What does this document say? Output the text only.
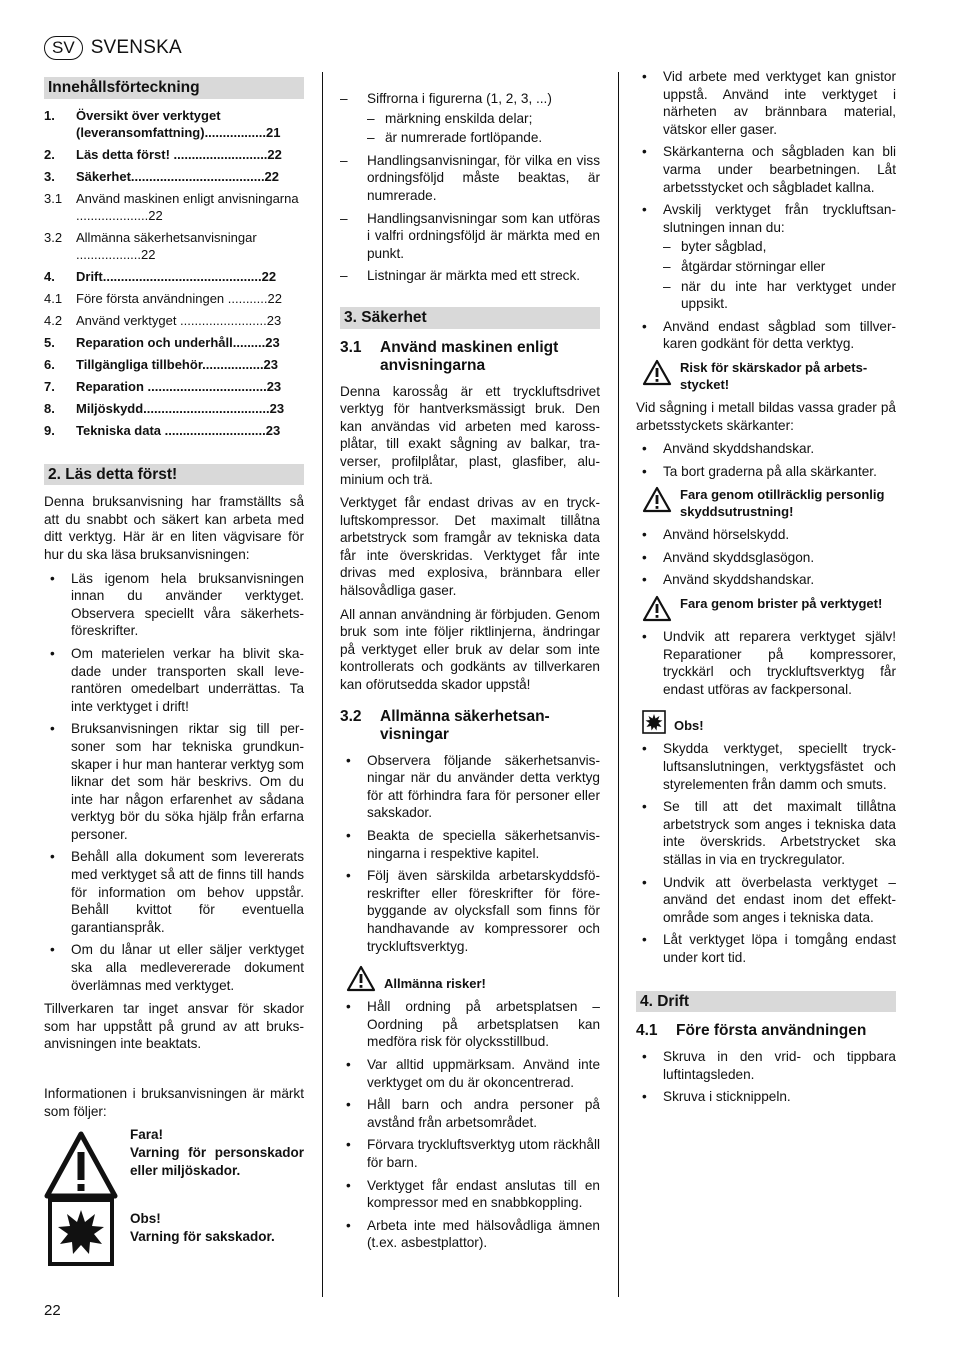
SV SVENSKA
Innehållsförteckning
1.	Översikt över verktyget (leveransomfattning).................21
2.	Läs detta först! ..........................22
3.	Säkerhet.....................................22
3.1	Använd maskinen enligt anvisningarna ....................22
3.2	Allmänna säkerhetsanvisningar ..................22
4.	Drift............................................22
4.1	Före första användningen ...........22
4.2	Använd verktyget ........................23
5.	Reparation och underhåll.........23
6.	Tillgängliga tillbehör.................23
7.	Reparation .................................23
8.	Miljöskydd...................................23
9.	Tekniska data ............................23
2. Läs detta först!

Denna bruksanvisning har framställts så att du snabbt och säkert kan arbeta med ditt verktyg. Här är en liten vägvisare för hur du ska läsa bruksanvisningen:

• Läs igenom hela bruksanvisningen innan du använder verktyget. Observera speciellt våra säkerhetsföreskrifter.
• Om materielen verkar ha blivit skadade under transporten skall leverantören omedelbart underrättas. Ta inte verktyget i drift!
• Bruksanvisningen riktar sig till personer som har tekniska grundkunskaper i hur man hanterar verktyg som liknar det som här beskrivs. Om du inte har någon erfarenhet av sådana verktyg bör du söka hjälp från erfarna personer.
• Behåll alla dokument som levererats med verktyget så att de finns till hands för information om behov uppstår. Behåll kvittot för eventuella garantianspråk.
• Om du lånar ut eller säljer verktyget ska alla medlevererade dokument överlämnas med verktyget.

Tillverkaren tar inget ansvar för skador som har uppstått på grund av att bruksanvisningen inte beaktats.

Informationen i bruksanvisningen är märkt som följer:

Fara!
Varning för personskador eller miljöskador.
Obs!
Varning för sakskador.
– Siffrorna i figurerna (1, 2, 3, ...)
– märkning enskilda delar;
– är numrerade fortlöpande.
– Handlingsanvisningar, för vilka en viss ordningsföljd måste beaktas, är numrerade.
– Handlingsanvisningar som kan utföras i valfri ordningsföljd är märkta med en punkt.
– Listningar är märkta med ett streck.
3. Säkerhet
3.1	Använd maskinen enligt anvisningarna

Denna karossåg är ett tryckluftsdrivet verktyg för hantverksmässigt bruk. Den kan användas vid arbeten med karossplåtar, till exakt sågning av balkar, traverser, profilplåtar, plast, glasfiber, aluminium och trä.

Verktyget får endast drivas av en tryckluftskompressor. Det maximalt tillåtna arbetstryck som framgår av tekniska data får inte överskridas. Verktyget får inte drivas med explosiva, brännbara eller hälsovådliga gaser.

All annan användning är förbjuden. Genom bruk som inte följer riktlinjerna, ändringar på verktyget eller bruk av delar som inte kontrollerats och godkänts av tillverkaren kan oförutsedda skador uppstå!

3.2	Allmänna säkerhetsanvisningar
• Observera följande säkerhetsanvisningar när du använder detta verktyg för att förhindra fara för personer eller sakskador.
• Beakta de speciella säkerhetsanvisningarna i respektive kapitel.
• Följ även särskilda arbetarskyddsföreskrifter eller föreskrifter för förebyggande av olycksfall som finns för handhavande av kompressorer och tryckluftsverktyg.
Allmänna risker!
• Håll ordning på arbetsplatsen – Oordning på arbetsplatsen kan medföra risk för olycksstillbud.
• Var alltid uppmärksam. Använd inte verktyget om du är okoncentrerad.
• Håll barn och andra personer på avstånd från arbetsområdet.
• Förvara tryckluftsverktyg utom räckhåll för barn.
• Verktyget får endast anslutas till en kompressor med en snabbkoppling.
• Arbeta inte med hälsovådliga ämnen (t.ex. asbestplattor).
• Vid arbete med verktyget kan gnistor uppstå. Använd inte verktyget i närheten av brännbara material, vätskor eller gaser.
• Skärkanterna och sågbladen kan bli varma under bearbetningen. Låt arbetsstycket och sågbladet kallna.
• Avskilj verktyget från tryckluftsanslutningen innan du:
– byter sågblad,
– åtgärdar störningar eller
– när du inte har verktyget under uppsikt.
• Använd endast sågblad som tillverkaren godkänt för detta verktyg.
Risk för skärskador på arbetsstycket!

Vid sågning i metall bildas vassa grader på arbetsstyckets skärkanter:

• Använd skyddshandskar.
• Ta bort graderna på alla skärkanter.
Fara genom otillräcklig personlig skyddsutrustning!
• Använd hörselskydd.
• Använd skyddsglasögon.
• Använd skyddshandskar.
Fara genom brister på verktyget!
• Undvik att reparera verktyget själv! Reparationer på kompressorer, tryckkärl och tryckluftsverktyg får endast utföras av fackpersonal.
Obs!
• Skydda verktyget, speciellt tryckluftsanslutningen, verktygsfästet och styrelementen från damm och smuts.
• Se till att det maximalt tillåtna arbetstryck som anges i tekniska data inte överskrids. Arbetstrycket ska ställas in via en tryckregulator.
• Undvik att överbelasta verktyget – använd det endast inom det effektområde som anges i tekniska data.
• Låt verktyget löpa i tomgång endast under kort tid.
4. Drift
4.1	Före första användningen
• Skruva in den vrid- och tippbara luftintagsleden.
• Skruva i sticknippeln.
22
